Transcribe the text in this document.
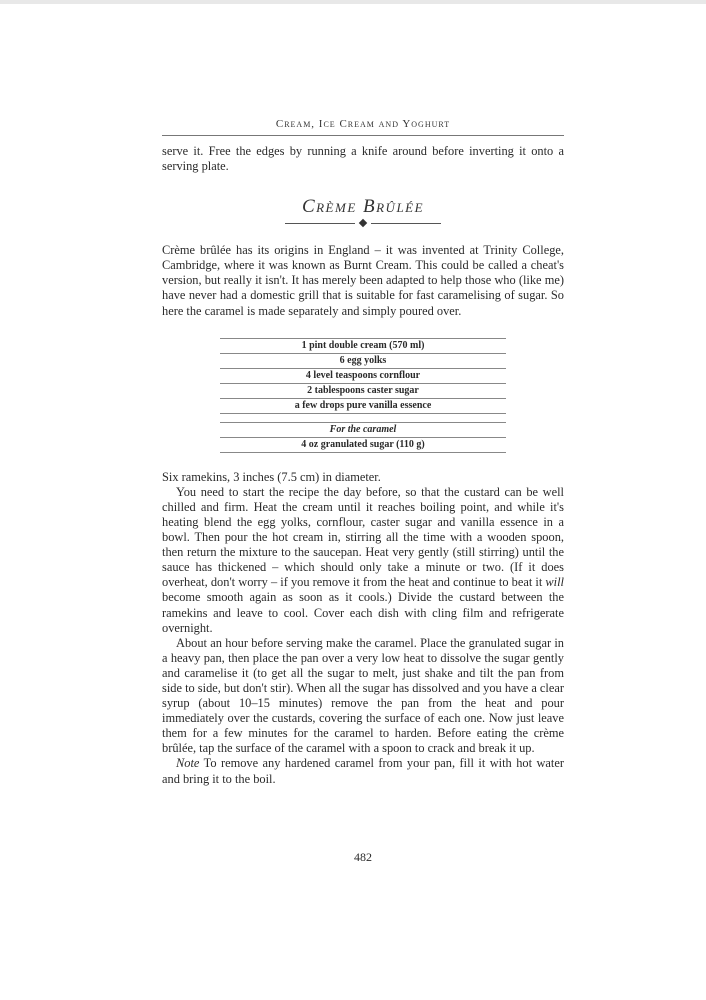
Cream, Ice Cream and Yoghurt

serve it. Free the edges by running a knife around before inverting it onto a serving plate.

Crème Brûlée

Crème brûlée has its origins in England – it was invented at Trinity College, Cambridge, where it was known as Burnt Cream. This could be called a cheat's version, but really it isn't. It has merely been adapted to help those who (like me) have never had a domestic grill that is suitable for fast caramelising of sugar. So here the caramel is made separately and simply poured over.

1 pint double cream (570 ml)
6 egg yolks
4 level teaspoons cornflour
2 tablespoons caster sugar
a few drops pure vanilla essence

For the caramel
4 oz granulated sugar (110 g)

Six ramekins, 3 inches (7.5 cm) in diameter.

You need to start the recipe the day before, so that the custard can be well chilled and firm. Heat the cream until it reaches boiling point, and while it's heating blend the egg yolks, cornflour, caster sugar and vanilla essence in a bowl. Then pour the hot cream in, stirring all the time with a wooden spoon, then return the mixture to the saucepan. Heat very gently (still stirring) until the sauce has thickened – which should only take a minute or two. (If it does overheat, don't worry – if you remove it from the heat and continue to beat it will become smooth again as soon as it cools.) Divide the custard between the ramekins and leave to cool. Cover each dish with cling film and refrigerate overnight.

About an hour before serving make the caramel. Place the granulated sugar in a heavy pan, then place the pan over a very low heat to dissolve the sugar gently and caramelise it (to get all the sugar to melt, just shake and tilt the pan from side to side, but don't stir). When all the sugar has dissolved and you have a clear syrup (about 10–15 minutes) remove the pan from the heat and pour immediately over the custards, covering the surface of each one. Now just leave them for a few minutes for the caramel to harden. Before eating the crème brûlée, tap the surface of the caramel with a spoon to crack and break it up.

Note To remove any hardened caramel from your pan, fill it with hot water and bring it to the boil.

482
